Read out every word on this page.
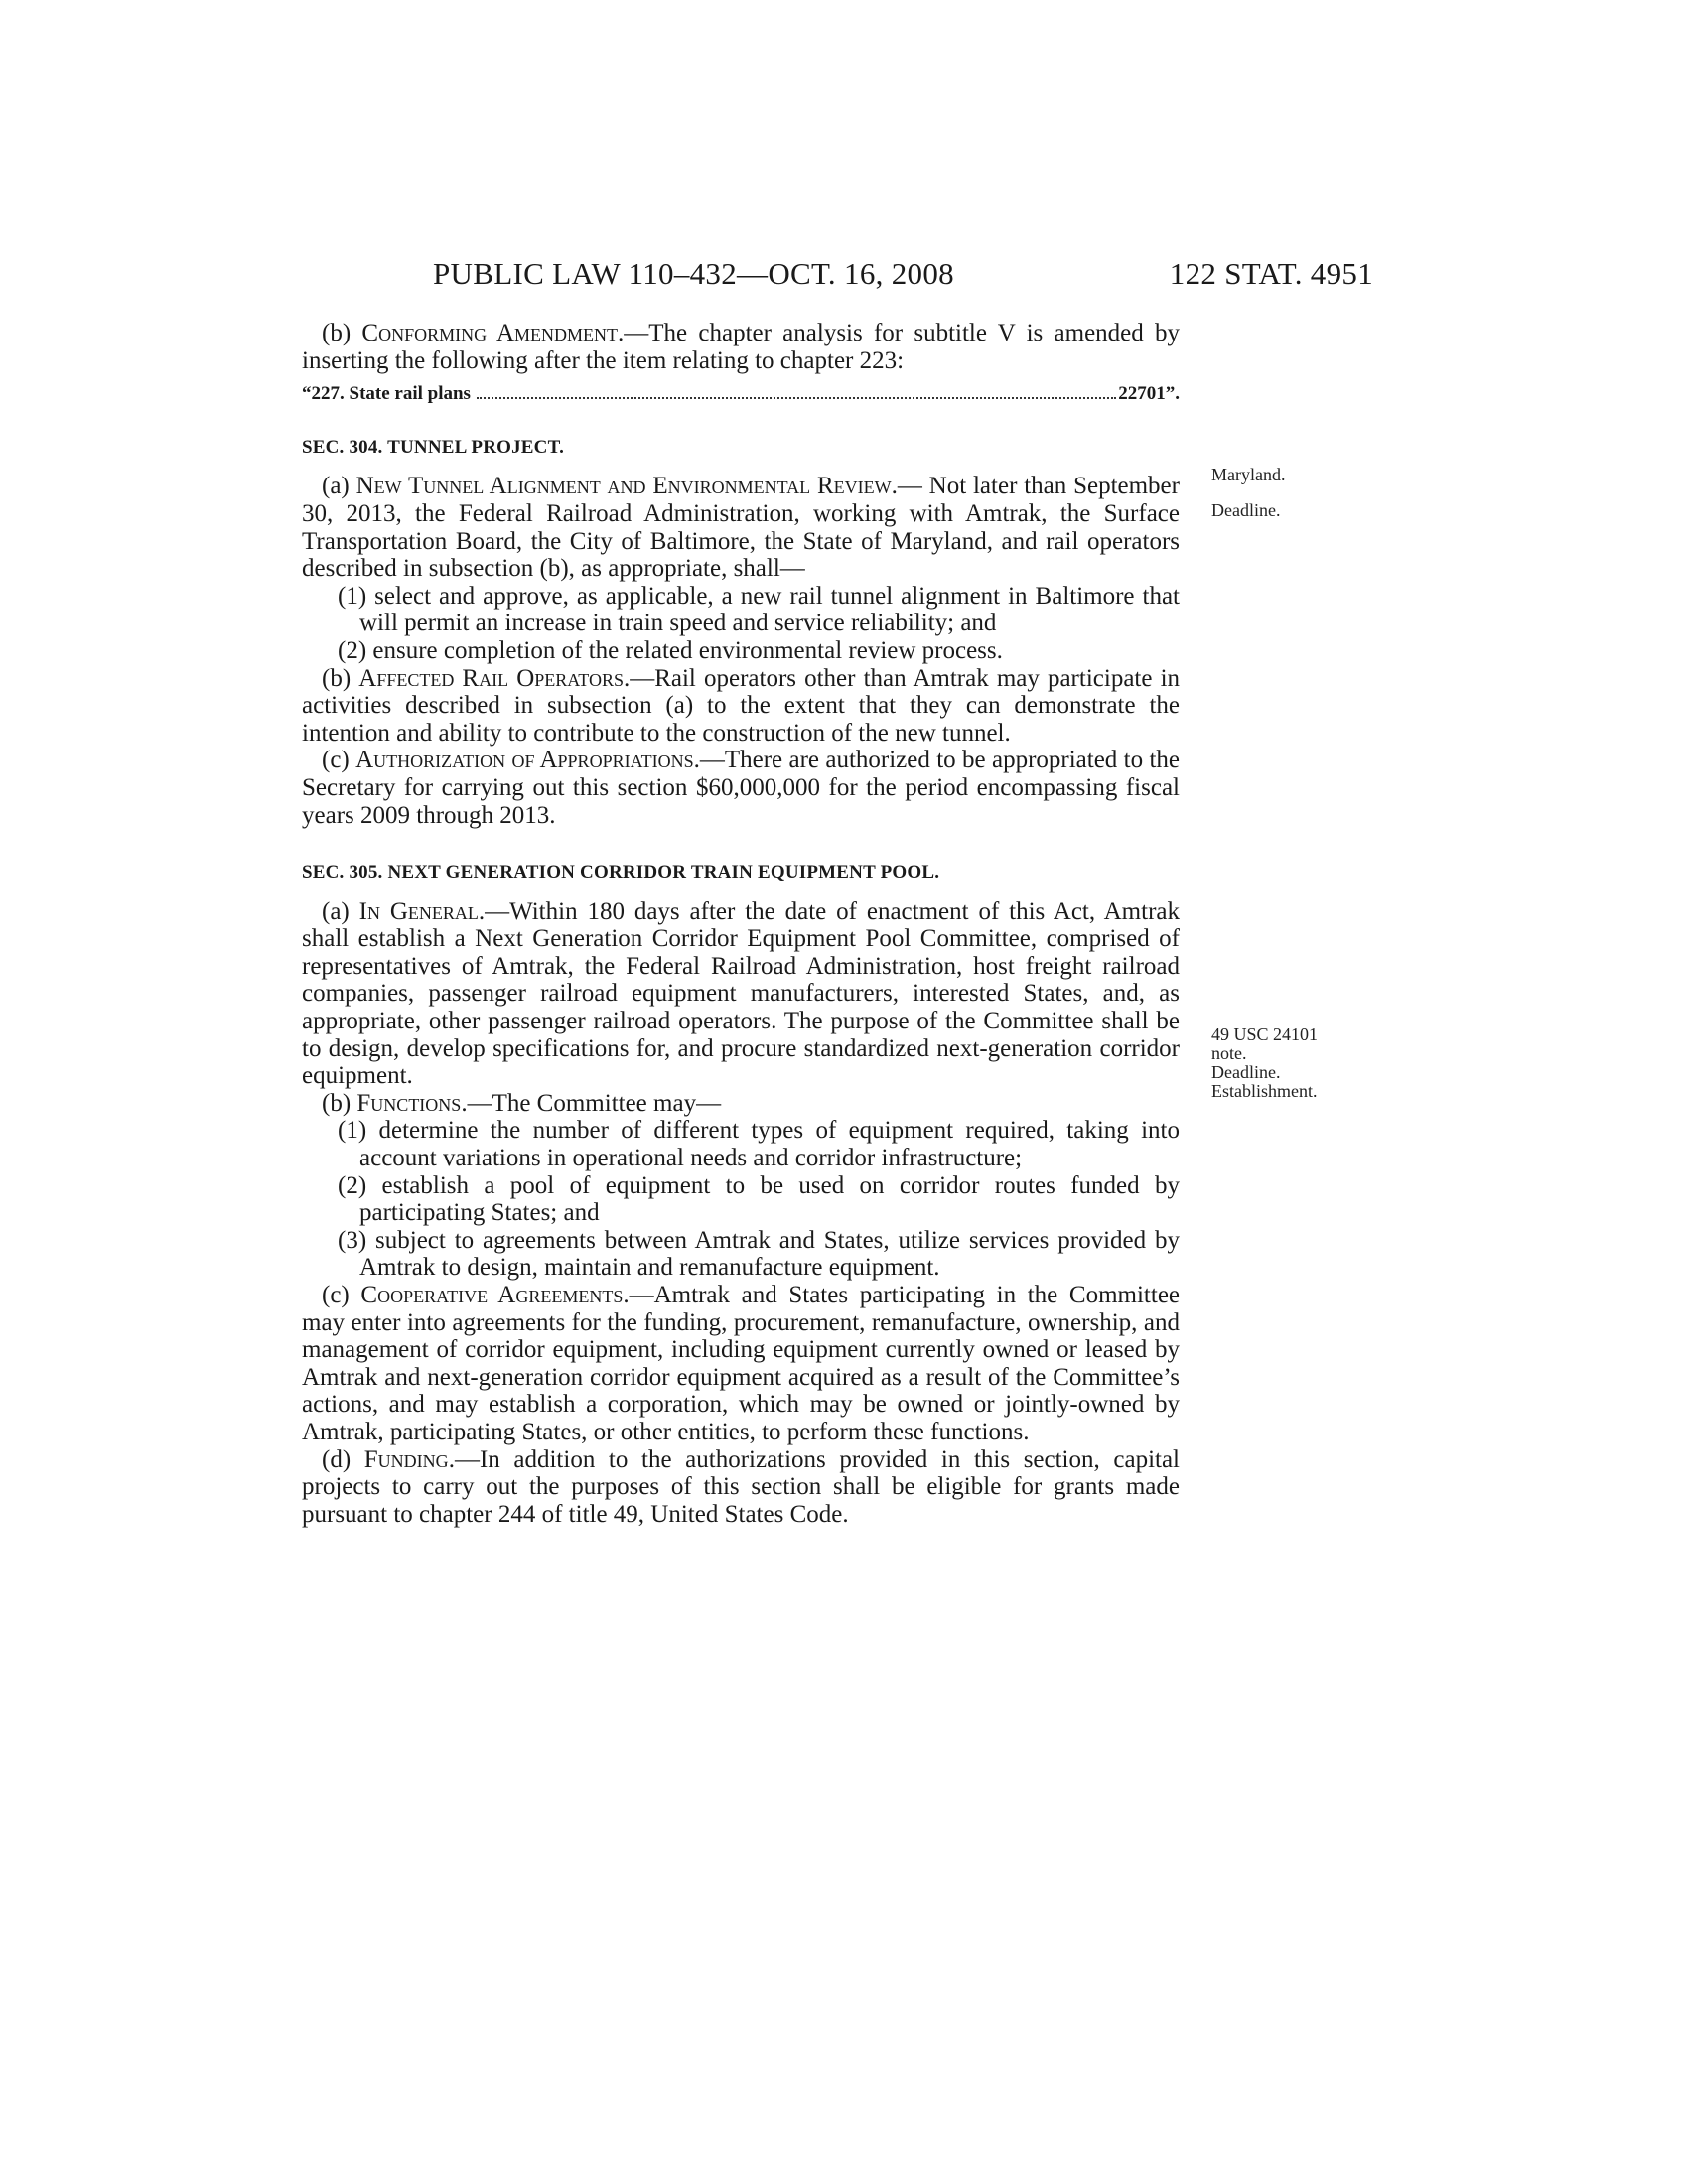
PUBLIC LAW 110–432—OCT. 16, 2008	122 STAT. 4951

(b) Conforming Amendment.—The chapter analysis for subtitle V is amended by inserting the following after the item relating to chapter 223:

“227. State rail plans	22701”.
SEC. 304. TUNNEL PROJECT.

(a) New Tunnel Alignment and Environmental Review.— Not later than September 30, 2013, the Federal Railroad Administration, working with Amtrak, the Surface Transportation Board, the City of Baltimore, the State of Maryland, and rail operators described in subsection (b), as appropriate, shall—

(1) select and approve, as applicable, a new rail tunnel alignment in Baltimore that will permit an increase in train speed and service reliability; and

(2) ensure completion of the related environmental review process.

(b) Affected Rail Operators.—Rail operators other than Amtrak may participate in activities described in subsection (a) to the extent that they can demonstrate the intention and ability to contribute to the construction of the new tunnel.

(c) Authorization of Appropriations.—There are authorized to be appropriated to the Secretary for carrying out this section $60,000,000 for the period encompassing fiscal years 2009 through 2013.

SEC. 305. NEXT GENERATION CORRIDOR TRAIN EQUIPMENT POOL.

(a) In General.—Within 180 days after the date of enactment of this Act, Amtrak shall establish a Next Generation Corridor Equipment Pool Committee, comprised of representatives of Amtrak, the Federal Railroad Administration, host freight railroad companies, passenger railroad equipment manufacturers, interested States, and, as appropriate, other passenger railroad operators. The purpose of the Committee shall be to design, develop specifications for, and procure standardized next-generation corridor equipment.

(b) Functions.—The Committee may—

(1) determine the number of different types of equipment required, taking into account variations in operational needs and corridor infrastructure;

(2) establish a pool of equipment to be used on corridor routes funded by participating States; and

(3) subject to agreements between Amtrak and States, utilize services provided by Amtrak to design, maintain and remanufacture equipment.

(c) Cooperative Agreements.—Amtrak and States participating in the Committee may enter into agreements for the funding, procurement, remanufacture, ownership, and management of corridor equipment, including equipment currently owned or leased by Amtrak and next-generation corridor equipment acquired as a result of the Committee’s actions, and may establish a corporation, which may be owned or jointly-owned by Amtrak, participating States, or other entities, to perform these functions.

(d) Funding.—In addition to the authorizations provided in this section, capital projects to carry out the purposes of this section shall be eligible for grants made pursuant to chapter 244 of title 49, United States Code.

Maryland.
Deadline.
49 USC 24101
note.
Deadline.
Establishment.
